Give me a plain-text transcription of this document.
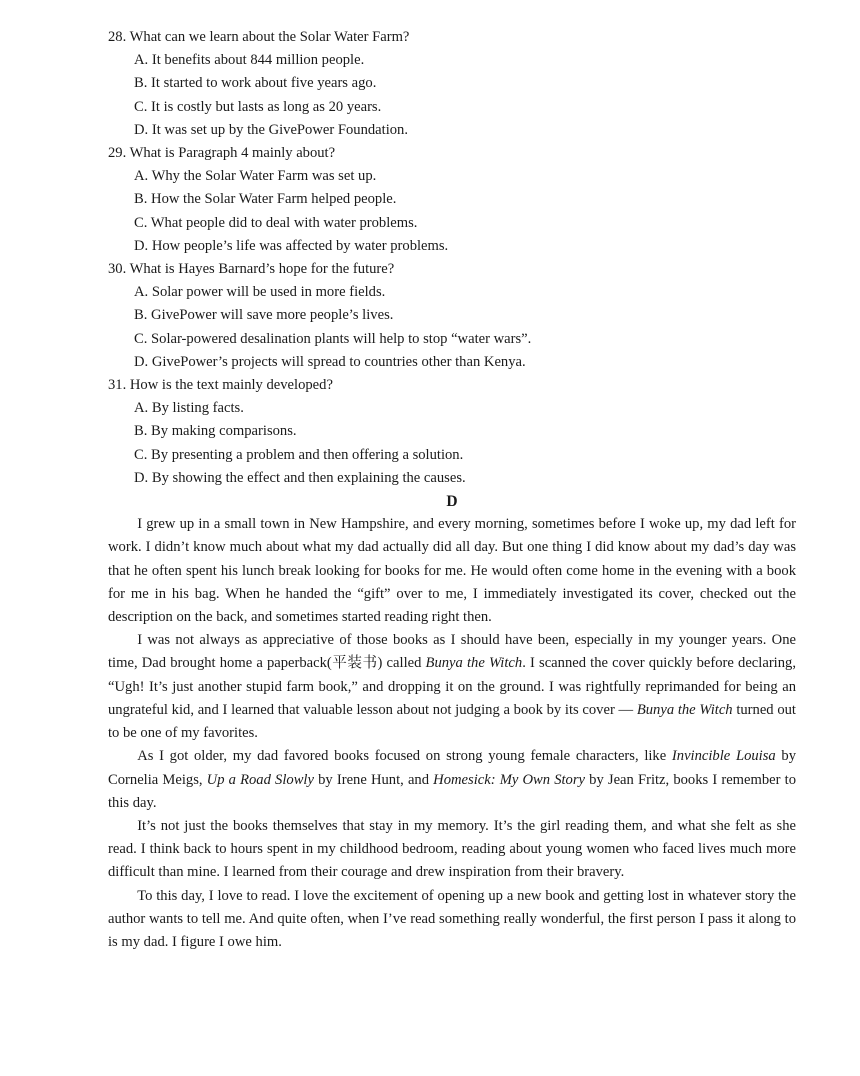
28. What can we learn about the Solar Water Farm?
A. It benefits about 844 million people.
B. It started to work about five years ago.
C. It is costly but lasts as long as 20 years.
D. It was set up by the GivePower Foundation.
29. What is Paragraph 4 mainly about?
A. Why the Solar Water Farm was set up.
B. How the Solar Water Farm helped people.
C. What people did to deal with water problems.
D. How people’s life was affected by water problems.
30. What is Hayes Barnard’s hope for the future?
A. Solar power will be used in more fields.
B. GivePower will save more people’s lives.
C. Solar-powered desalination plants will help to stop “water wars”.
D. GivePower’s projects will spread to countries other than Kenya.
31. How is the text mainly developed?
A. By listing facts.
B. By making comparisons.
C. By presenting a problem and then offering a solution.
D. By showing the effect and then explaining the causes.
D

I grew up in a small town in New Hampshire, and every morning, sometimes before I woke up, my dad left for work. I didn’t know much about what my dad actually did all day. But one thing I did know about my dad’s day was that he often spent his lunch break looking for books for me. He would often come home in the evening with a book for me in his bag. When he handed the “gift” over to me, I immediately investigated its cover, checked out the description on the back, and sometimes started reading right then.

I was not always as appreciative of those books as I should have been, especially in my younger years. One time, Dad brought home a paperback(平装书) called Bunya the Witch. I scanned the cover quickly before declaring, “Ugh! It’s just another stupid farm book,” and dropping it on the ground. I was rightfully reprimanded for being an ungrateful kid, and I learned that valuable lesson about not judging a book by its cover — Bunya the Witch turned out to be one of my favorites.

As I got older, my dad favored books focused on strong young female characters, like Invincible Louisa by Cornelia Meigs, Up a Road Slowly by Irene Hunt, and Homesick: My Own Story by Jean Fritz, books I remember to this day.

It’s not just the books themselves that stay in my memory. It’s the girl reading them, and what she felt as she read. I think back to hours spent in my childhood bedroom, reading about young women who faced lives much more difficult than mine. I learned from their courage and drew inspiration from their bravery.

To this day, I love to read. I love the excitement of opening up a new book and getting lost in whatever story the author wants to tell me. And quite often, when I’ve read something really wonderful, the first person I pass it along to is my dad. I figure I owe him.
